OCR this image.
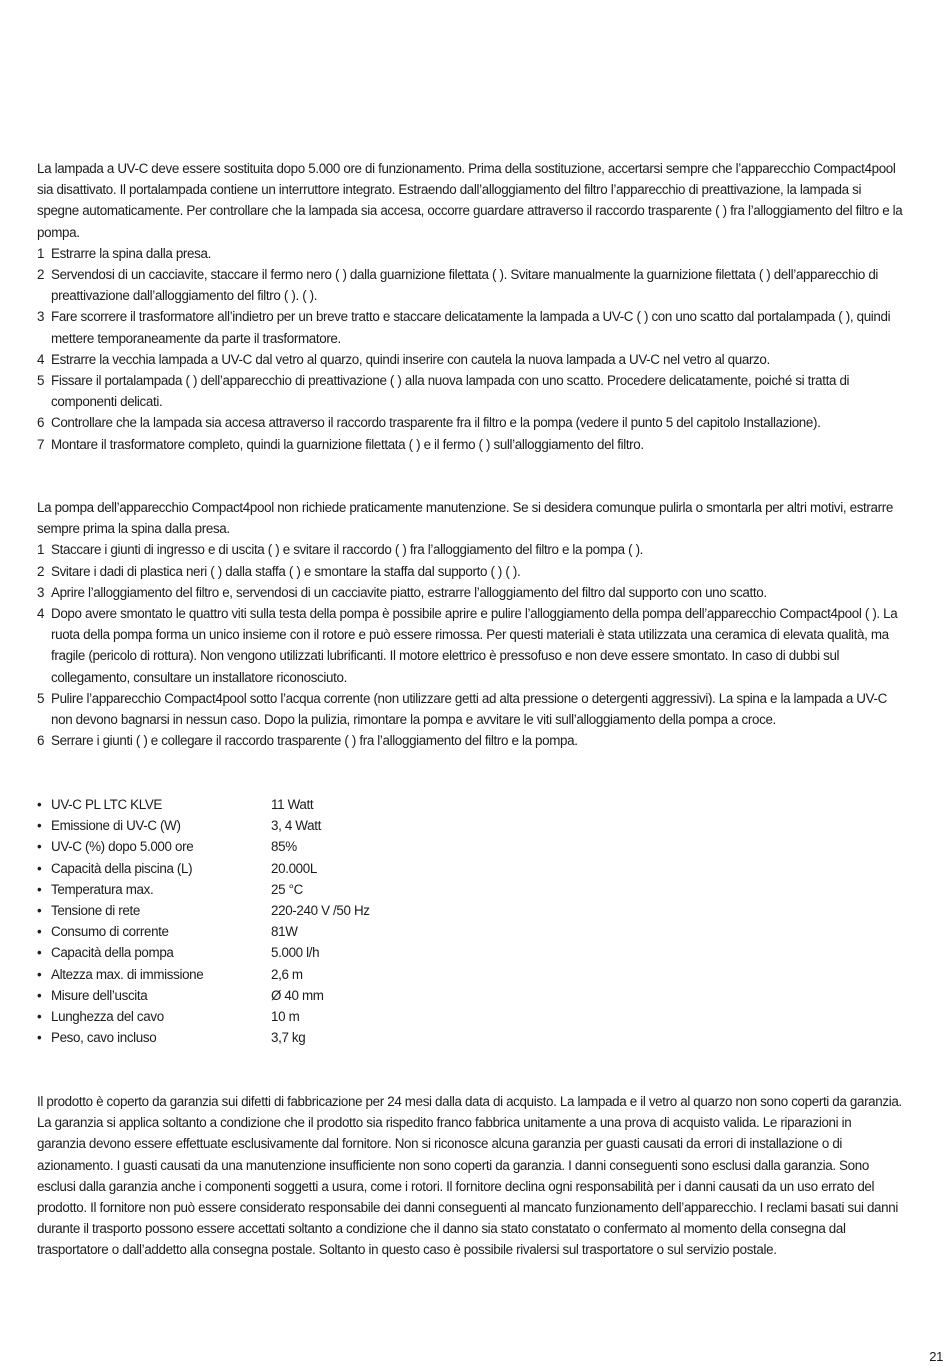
La lampada a UV-C deve essere sostituita dopo 5.000 ore di funzionamento. Prima della sostituzione, accertarsi sempre che l’apparecchio Compact4pool sia disattivato. Il portalampada contiene un interruttore integrato. Estraendo dall’alloggiamento del filtro l’apparecchio di preattivazione, la lampada si spegne automaticamente. Per controllare che la lampada sia accesa, occorre guardare attraverso il raccordo trasparente ( ) fra l’alloggiamento del filtro e la pompa.

1 Estrarre la spina dalla presa.
2 Servendosi di un cacciavite, staccare il fermo nero ( ) dalla guarnizione filettata ( ). Svitare manualmente la guarnizione filettata ( ) dell’apparecchio di preattivazione dall’alloggiamento del filtro ( ). ( ).
3 Fare scorrere il trasformatore all’indietro per un breve tratto e staccare delicatamente la lampada a UV-C ( ) con uno scatto dal portalampada ( ), quindi mettere temporaneamente da parte il trasformatore.
4 Estrarre la vecchia lampada a UV-C dal vetro al quarzo, quindi inserire con cautela la nuova lampada a UV-C nel vetro al quarzo.
5 Fissare il portalampada ( ) dell’apparecchio di preattivazione ( ) alla nuova lampada con uno scatto. Procedere delicatamente, poiché si tratta di componenti delicati.
6 Controllare che la lampada sia accesa attraverso il raccordo trasparente fra il filtro e la pompa (vedere il punto 5 del capitolo Installazione).
7 Montare il trasformatore completo, quindi la guarnizione filettata ( ) e il fermo ( ) sull’alloggiamento del filtro.

La pompa dell’apparecchio Compact4pool non richiede praticamente manutenzione. Se si desidera comunque pulirla o smontarla per altri motivi, estrarre sempre prima la spina dalla presa.

1 Staccare i giunti di ingresso e di uscita ( ) e svitare il raccordo ( ) fra l’alloggiamento del filtro e la pompa ( ).
2 Svitare i dadi di plastica neri ( ) dalla staffa ( ) e smontare la staffa dal supporto ( ) ( ).
3 Aprire l’alloggiamento del filtro e, servendosi di un cacciavite piatto, estrarre l’alloggiamento del filtro dal supporto con uno scatto.
4 Dopo avere smontato le quattro viti sulla testa della pompa è possibile aprire e pulire l’alloggiamento della pompa dell’apparecchio Compact4pool ( ). La ruota della pompa forma un unico insieme con il rotore e può essere rimossa. Per questi materiali è stata utilizzata una ceramica di elevata qualità, ma fragile (pericolo di rottura). Non vengono utilizzati lubrificanti. Il motore elettrico è pressofuso e non deve essere smontato. In caso di dubbi sul collegamento, consultare un installatore riconosciuto.
5 Pulire l’apparecchio Compact4pool sotto l’acqua corrente (non utilizzare getti ad alta pressione o detergenti aggressivi). La spina e la lampada a UV-C non devono bagnarsi in nessun caso. Dopo la pulizia, rimontare la pompa e avvitare le viti sull’alloggiamento della pompa a croce.
6 Serrare i giunti ( ) e collegare il raccordo trasparente ( ) fra l’alloggiamento del filtro e la pompa.
• UV-C PL LTC KLVE	11 Watt
• Emissione di UV-C (W)	3, 4 Watt
• UV-C (%) dopo 5.000 ore	85%
• Capacità della piscina (L)	20.000L
• Temperatura max.	25 °C
• Tensione di rete	220-240 V /50 Hz
• Consumo di corrente	81W
• Capacità della pompa	5.000 l/h
• Altezza max. di immissione	2,6 m
• Misure dell’uscita	Ø 40 mm
• Lunghezza del cavo	10 m
• Peso, cavo incluso	3,7 kg

Il prodotto è coperto da garanzia sui difetti di fabbricazione per 24 mesi dalla data di acquisto. La lampada e il vetro al quarzo non sono coperti da garanzia. La garanzia si applica soltanto a condizione che il prodotto sia rispedito franco fabbrica unitamente a una prova di acquisto valida. Le riparazioni in garanzia devono essere effettuate esclusivamente dal fornitore. Non si riconosce alcuna garanzia per guasti causati da errori di installazione o di azionamento. I guasti causati da una manutenzione insufficiente non sono coperti da garanzia. I danni conseguenti sono esclusi dalla garanzia. Sono esclusi dalla garanzia anche i componenti soggetti a usura, come i rotori. Il fornitore declina ogni responsabilità per i danni causati da un uso errato del prodotto. Il fornitore non può essere considerato responsabile dei danni conseguenti al mancato funzionamento dell’apparecchio. I reclami basati sui danni durante il trasporto possono essere accettati soltanto a condizione che il danno sia stato constatato o confermato al momento della consegna dal trasportatore o dall’addetto alla consegna postale. Soltanto in questo caso è possibile rivalersi sul trasportatore o sul servizio postale.

21
